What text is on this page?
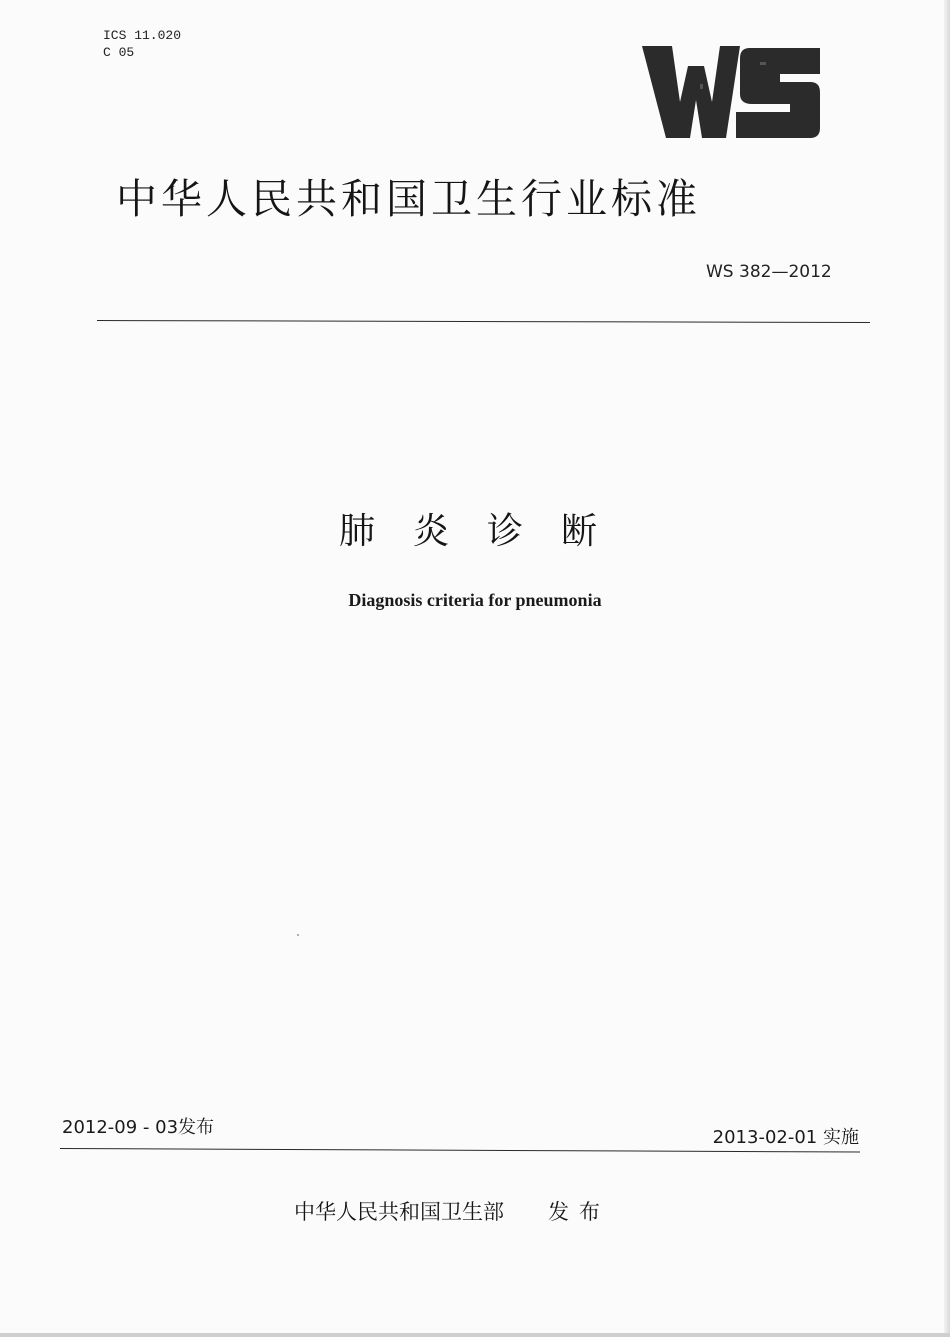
ICS 11.020
C 05
中华人民共和国卫生行业标准
WS 382—2012
肺炎诊断
Diagnosis criteria for pneumonia
2012-09 - 03发布	2013-02-01 实施
中华人民共和国卫生部 发布
